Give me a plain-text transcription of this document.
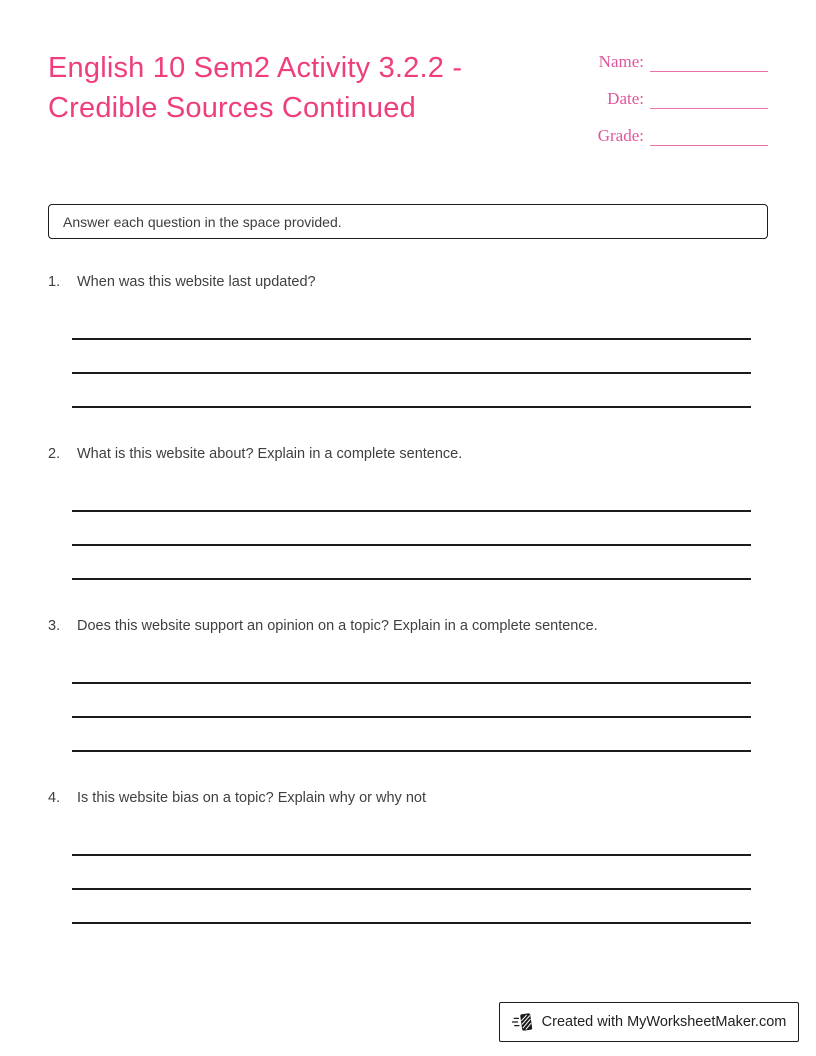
English 10 Sem2 Activity 3.2.2 - Credible Sources Continued
Name:
Date:
Grade:
Answer each question in the space provided.
1.	When was this website last updated?
2.	What is this website about? Explain in a complete sentence.
3.	Does this website support an opinion on a topic? Explain in a complete sentence.
4.	Is this website bias on a topic? Explain why or why not
Created with MyWorksheetMaker.com
